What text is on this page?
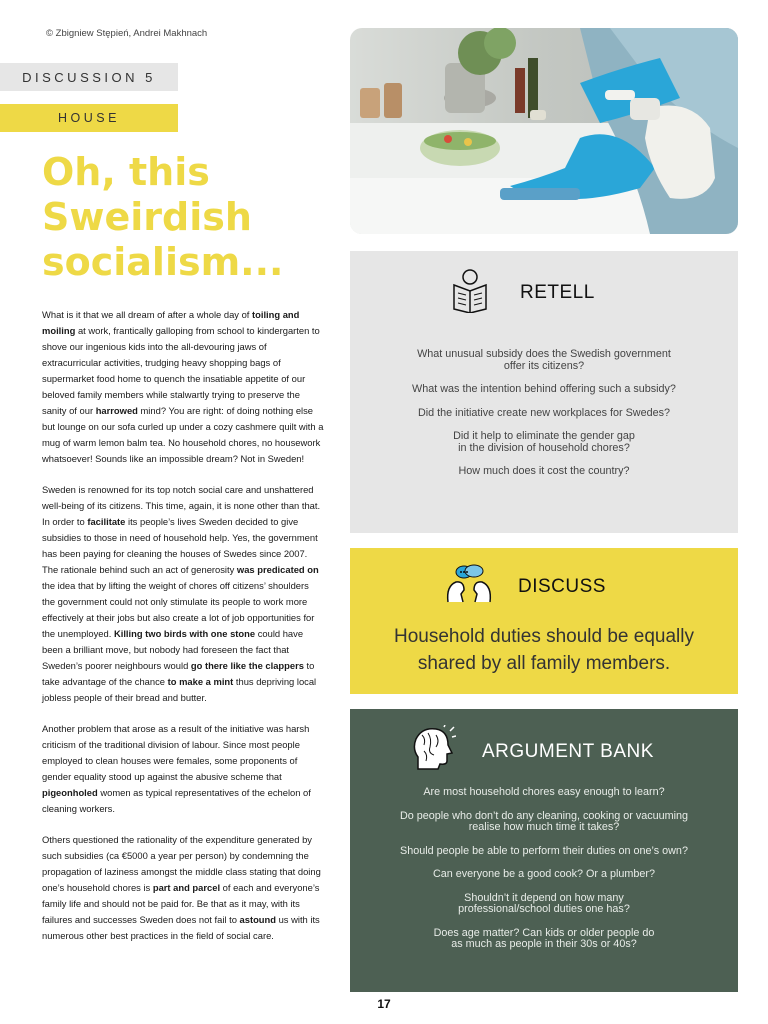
© Zbigniew Stępień, Andrei Makhnach
DISCUSSION 5
HOUSE
Oh, this
Sweirdish
socialism...

What is it that we all dream of after a whole day of toiling and moiling at work, frantically galloping from school to kindergarten to shove our ingenious kids into the all-devouring jaws of extracurricular activities, trudging heavy shopping bags of supermarket food home to quench the insatiable appetite of our beloved family members while stalwartly trying to preserve the sanity of our harrowed mind? You are right: of doing nothing else but lounge on our sofa curled up under a cozy cashmere quilt with a mug of warm lemon balm tea. No household chores, no housework whatsoever! Sounds like an impossible dream? Not in Sweden!

Sweden is renowned for its top notch social care and unshattered well-being of its citizens. This time, again, it is none other than that. In order to facilitate its people’s lives Sweden decided to give subsidies to those in need of household help. Yes, the government has been paying for cleaning the houses of Swedes since 2007. The rationale behind such an act of generosity was predicated on the idea that by lifting the weight of chores off citizens’ shoulders the government could not only stimulate its people to work more effectively at their jobs but also create a lot of job opportunities for the unemployed. Killing two birds with one stone could have been a brilliant move, but nobody had foreseen the fact that Sweden’s poorer neighbours would go there like the clappers to take advantage of the chance to make a mint thus depriving local jobless people of their bread and butter.

Another problem that arose as a result of the initiative was harsh criticism of the traditional division of labour. Since most people employed to clean houses were females, some proponents of gender equality stood up against the abusive scheme that pigeonholed women as typical representatives of the echelon of cleaning workers.

Others questioned the rationality of the expenditure generated by such subsidies (ca €5000 a year per person) by condemning the propagation of laziness amongst the middle class stating that doing one’s household chores is part and parcel of each and everyone’s family life and should not be paid for. Be that as it may, with its failures and successes Sweden does not fail to astound us with its numerous other best practices in the field of social care.

RETELL
What unusual subsidy does the Swedish government
offer its citizens?
What was the intention behind offering such a subsidy?
Did the initiative create new workplaces for Swedes?
Did it help to eliminate the gender gap
in the division of household chores?
How much does it cost the country?
DISCUSS
Household duties should be equally
shared by all family members.
ARGUMENT BANK
Are most household chores easy enough to learn?
Do people who don’t do any cleaning, cooking or vacuuming
realise how much time it takes?
Should people be able to perform their duties on one’s own?
Can everyone be a good cook? Or a plumber?
Shouldn’t it depend on how many
professional/school duties one has?
Does age matter? Can kids or older people do
as much as people in their 30s or 40s?
17
